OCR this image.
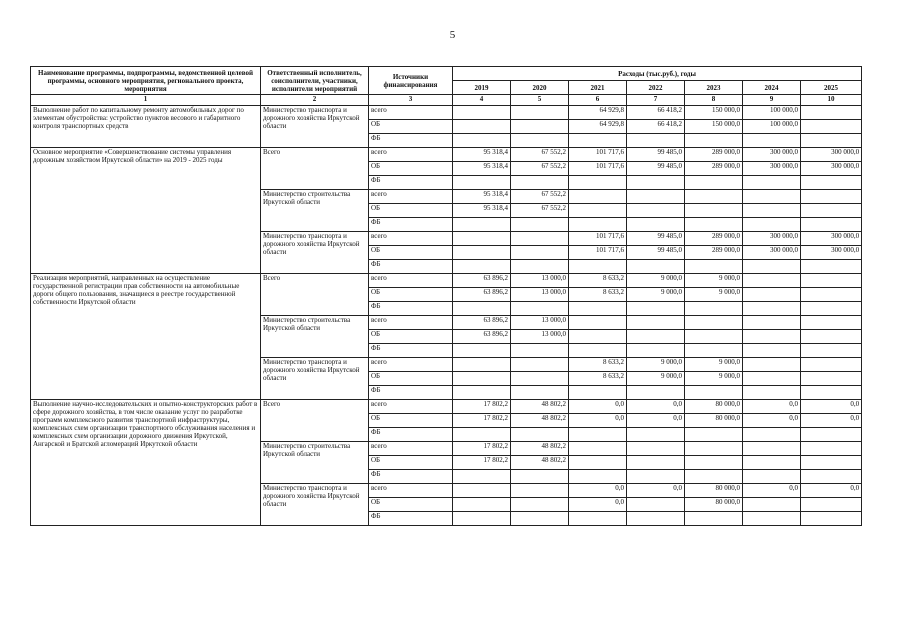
5
Наименование программы, подпрограммы, ведомственной целевой программы, основного мероприятия, регионального проекта, мероприятия	Ответственный исполнитель, соисполнители, участники, исполнители мероприятий	Источники финансирования	Расходы (тыс.руб.), годы						
			2019	2020	2021	2022	2023	2024	2025
1	2	3	4	5	6	7	8	9	10
Выполнение работ по капитальному ремонту автомобильных дорог по элементам обустройства: устройство пунктов весового и габаритного контроля транспортных средств	Министерство транспорта и дорожного хозяйства Иркутской области	всего			64 929,8	66 418,2	150 000,0	100 000,0	
		ОБ			64 929,8	66 418,2	150 000,0	100 000,0	
		ФБ							
Основное мероприятие «Совершенствование системы управления дорожным хозяйством Иркутской области» на 2019 - 2025 годы	Всего	всего	95 318,4	67 552,2	101 717,6	99 485,0	289 000,0	300 000,0	300 000,0
		ОБ	95 318,4	67 552,2	101 717,6	99 485,0	289 000,0	300 000,0	300 000,0
		ФБ							
	Министерство строительства Иркутской области	всего	95 318,4	67 552,2					
		ОБ	95 318,4	67 552,2					
		ФБ							
	Министерство транспорта и дорожного хозяйства Иркутской области	всего			101 717,6	99 485,0	289 000,0	300 000,0	300 000,0
		ОБ			101 717,6	99 485,0	289 000,0	300 000,0	300 000,0
		ФБ							
Реализация мероприятий, направленных на осуществление государственной регистрации прав собственности на автомобильные дороги общего пользования, значащиеся в реестре государственной собственности Иркутской области	Всего	всего	63 896,2	13 000,0	8 633,2	9 000,0	9 000,0		
		ОБ	63 896,2	13 000,0	8 633,2	9 000,0	9 000,0		
		ФБ							
	Министерство строительства Иркутской области	всего	63 896,2	13 000,0					
		ОБ	63 896,2	13 000,0					
		ФБ							
	Министерство транспорта и дорожного хозяйства Иркутской области	всего			8 633,2	9 000,0	9 000,0		
		ОБ			8 633,2	9 000,0	9 000,0		
		ФБ							
Выполнение научно-исследовательских и опытно-конструкторских работ в сфере дорожного хозяйства, в том числе оказание услуг по разработке программ комплексного развития транспортной инфраструктуры, комплексных схем организации транспортного обслуживания населения и комплексных схем организации дорожного движения Иркутской, Ангарской и Братской агломераций Иркутской области	Всего	всего	17 802,2	48 802,2	0,0	0,0	80 000,0	0,0	0,0
		ОБ	17 802,2	48 802,2	0,0	0,0	80 000,0	0,0	0,0
		ФБ							
	Министерство строительства Иркутской области	всего	17 802,2	48 802,2					
		ОБ	17 802,2	48 802,2					
		ФБ							
	Министерство транспорта и дорожного хозяйства Иркутской области	всего			0,0	0,0	80 000,0	0,0	0,0
		ОБ			0,0		80 000,0		
		ФБ							
